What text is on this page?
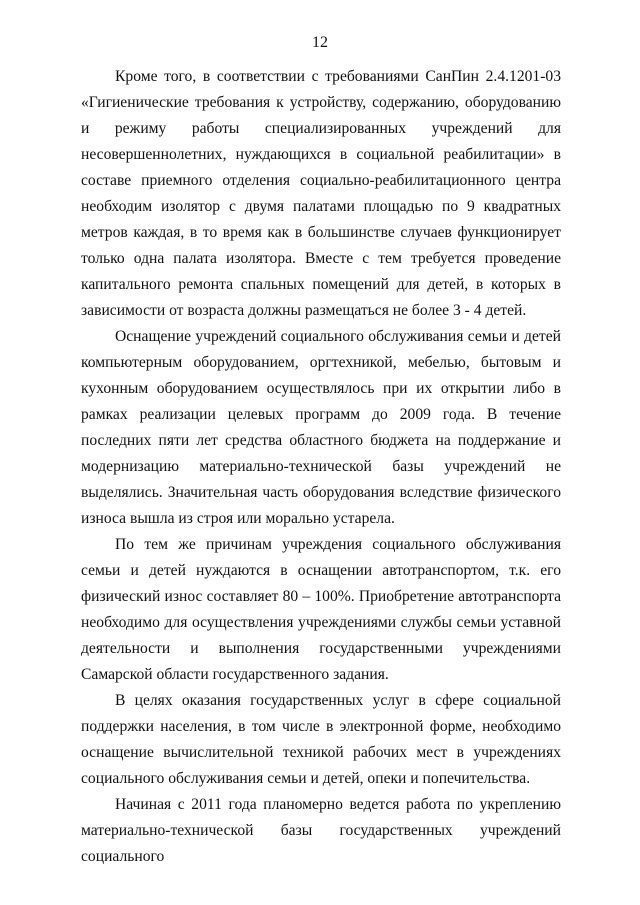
12

Кроме того, в соответствии с требованиями СанПин 2.4.1201-03 «Гигиенические требования к устройству, содержанию, оборудованию и режиму работы специализированных учреждений для несовершеннолетних, нуждающихся в социальной реабилитации» в составе приемного отделения социально-реабилитационного центра необходим изолятор с двумя палатами площадью по 9 квадратных метров каждая, в то время как в большинстве случаев функционирует только одна палата изолятора. Вместе с тем требуется проведение капитального ремонта спальных помещений для детей, в которых в зависимости от возраста должны размещаться не более 3 - 4 детей.

Оснащение учреждений социального обслуживания семьи и детей компьютерным оборудованием, оргтехникой, мебелью, бытовым и кухонным оборудованием осуществлялось при их открытии либо в рамках реализации целевых программ до 2009 года. В течение последних пяти лет средства областного бюджета на поддержание и модернизацию материально-технической базы учреждений не выделялись. Значительная часть оборудования вследствие физического износа вышла из строя или морально устарела.

По тем же причинам учреждения социального обслуживания семьи и детей нуждаются в оснащении автотранспортом, т.к. его физический износ составляет 80 – 100%. Приобретение автотранспорта необходимо для осуществления учреждениями службы семьи уставной деятельности и выполнения государственными учреждениями Самарской области государственного задания.

В целях оказания государственных услуг в сфере социальной поддержки населения, в том числе в электронной форме, необходимо оснащение вычислительной техникой рабочих мест в учреждениях социального обслуживания семьи и детей, опеки и попечительства.

Начиная с 2011 года планомерно ведется работа по укреплению материально-технической базы государственных учреждений социального
